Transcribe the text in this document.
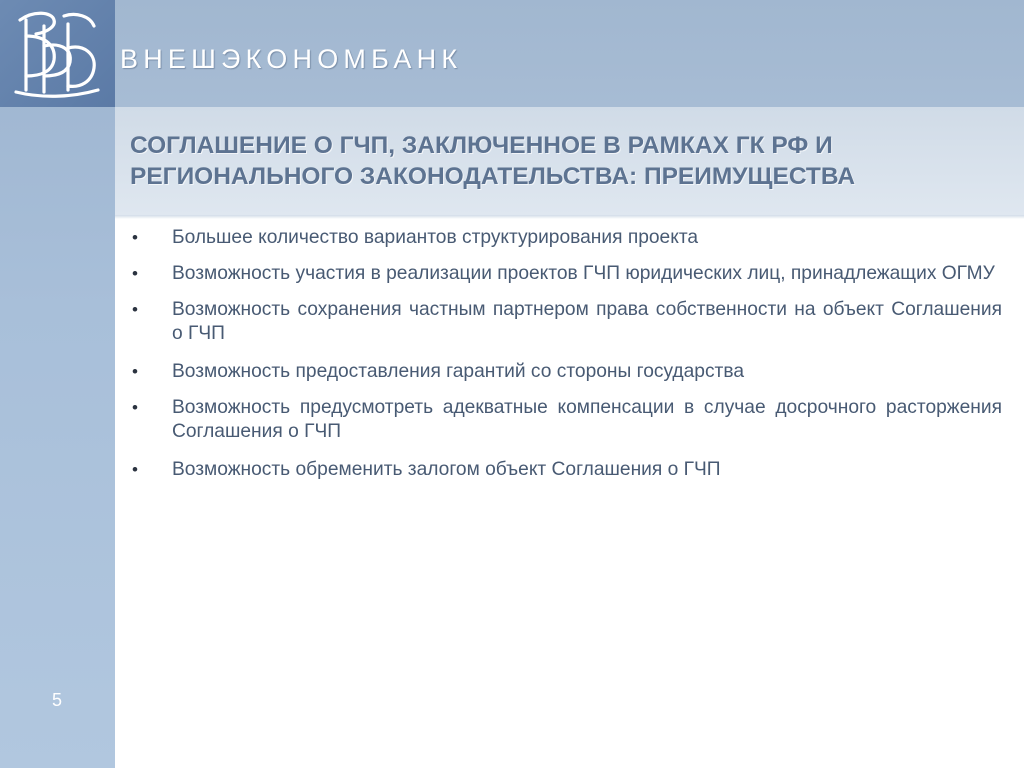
ВНЕШЭКОНОМБАНК
СОГЛАШЕНИЕ О ГЧП, ЗАКЛЮЧЕННОЕ В РАМКАХ ГК РФ И РЕГИОНАЛЬНОГО ЗАКОНОДАТЕЛЬСТВА: ПРЕИМУЩЕСТВА
• Большее количество вариантов структурирования проекта
• Возможность участия в реализации проектов ГЧП юридических лиц, принадлежащих ОГМУ
• Возможность сохранения частным партнером права собственности на объект Соглашения о ГЧП
• Возможность предоставления гарантий со стороны государства
• Возможность предусмотреть адекватные компенсации в случае досрочного расторжения Соглашения о ГЧП
• Возможность обременить залогом объект Соглашения о ГЧП
5
